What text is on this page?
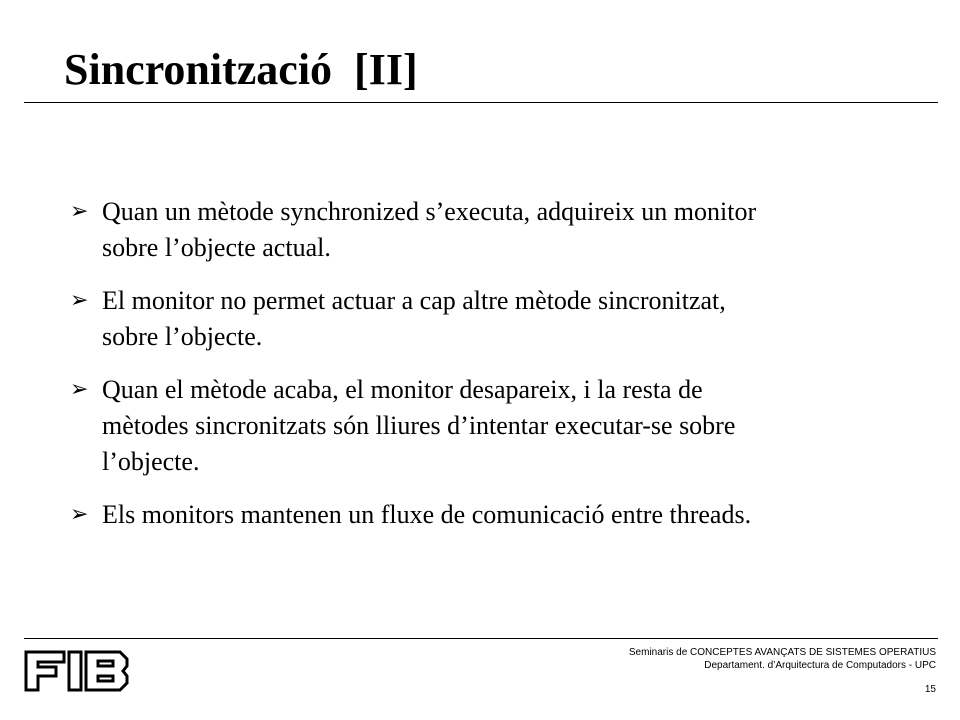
Sincronització  [II]
➢ Quan un mètode synchronized s’executa, adquireix un monitor
sobre l’objecte actual.
➢ El monitor no permet actuar a cap altre mètode sincronitzat,
sobre l’objecte.
➢ Quan el mètode acaba, el monitor desapareix, i la resta de
mètodes sincronitzats són lliures d’intentar executar-se sobre
l’objecte.
➢ Els monitors mantenen un fluxe de comunicació entre threads.
Seminaris de CONCEPTES AVANÇATS DE SISTEMES OPERATIUS
Departament. d’Arquitectura de Computadors - UPC
15
